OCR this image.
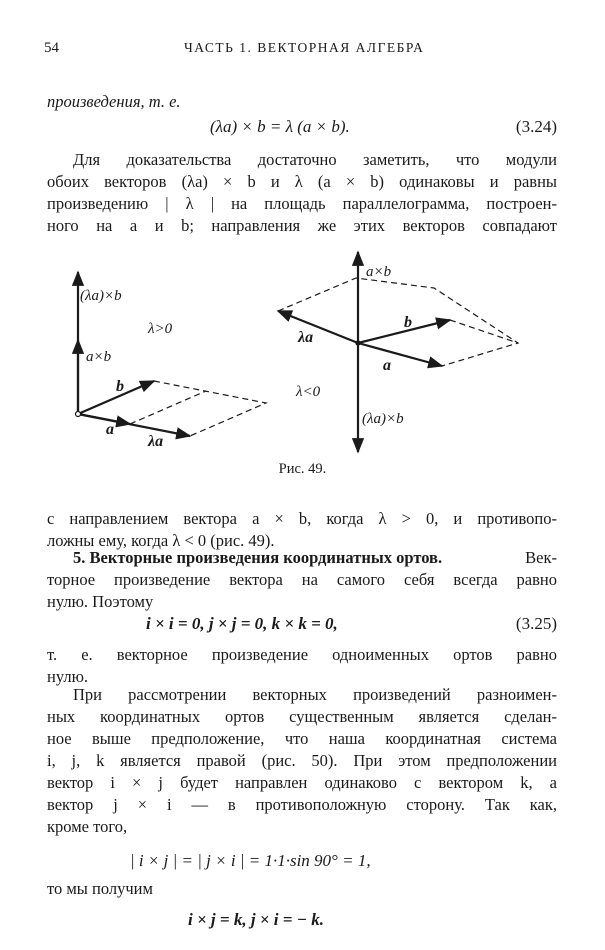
54	ЧАСТЬ 1. ВЕКТОРНАЯ АЛГЕБРА
произведения, т. е.
(λa) × b = λ (a × b).	(3.24)
Для доказательства достаточно заметить, что модули
обоих векторов (λa) × b и λ (a × b) одинаковы и равны
произведению | λ | на площадь параллелограмма, построен-
ного на a и b; направления же этих векторов совпадают
(λa)×b
a×b
λ>0
b
a
λa
a×b
λa
b
a
λ<0
(λa)×b
Рис. 49.
с направлением вектора a × b, когда λ > 0, и противопо-
ложны ему, когда λ < 0 (рис. 49).
5. Векторные произведения координатных ортов.	Век-
торное произведение вектора на самого себя всегда равно
нулю. Поэтому
i × i = 0, j × j = 0, k × k = 0,	(3.25)
т. е. векторное произведение одноименных ортов равно
нулю.
При рассмотрении векторных произведений разноимен-
ных координатных ортов существенным является сделан-
ное выше предположение, что наша координатная система
i, j, k является правой (рис. 50). При этом предположении
вектор i × j будет направлен одинаково с вектором k, а
вектор j × i — в противоположную сторону. Так как,
кроме того,
| i × j | = | j × i | = 1·1·sin 90° = 1,
то мы получим
i × j = k, j × i = − k.
